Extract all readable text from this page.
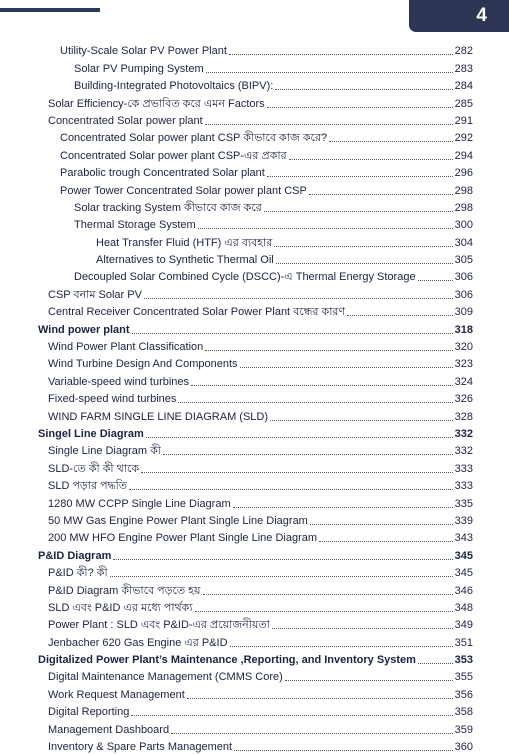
4
Utility-Scale Solar PV Power Plant	282
Solar PV Pumping System	283
Building-Integrated Photovoltaics (BIPV):	284
Solar Efficiency-কে প্রভাবিত করে এমন Factors	285
Concentrated Solar power plant	291
Concentrated Solar power plant CSP কীভাবে কাজ করে?	292
Concentrated Solar power plant CSP-এর প্রকার	294
Parabolic trough Concentrated Solar plant	296
Power Tower Concentrated Solar power plant CSP	298
Solar tracking System কীভাবে কাজ করে	298
Thermal Storage System	300
Heat Transfer Fluid (HTF) এর ব্যবহার	304
Alternatives to Synthetic Thermal Oil	305
Decoupled Solar Combined Cycle (DSCC)-এ Thermal Energy Storage	306
CSP বনাম Solar PV	306
Central Receiver Concentrated Solar Power Plant বন্ধের কারণ	309
Wind power plant	318
Wind Power Plant Classification	320
Wind Turbine Design And Components	323
Variable-speed wind turbines	324
Fixed-speed wind turbines	326
WIND FARM SINGLE LINE DIAGRAM (SLD)	328
Singel Line Diagram	332
Single Line Diagram কী	332
SLD-তে কী কী থাকে	333
SLD পড়ার পদ্ধতি	333
1280 MW CCPP Single Line Diagram	335
50 MW Gas Engine Power Plant Single Line Diagram	339
200 MW HFO Engine Power Plant Single Line Diagram	343
P&ID Diagram	345
P&ID কী? কী	345
P&ID Diagram কীভাবে পড়তে হয়	346
SLD এবং P&ID এর মধ্যে পার্থক্য	348
Power Plant : SLD এবং P&ID-এর প্রয়োজনীয়তা	349
Jenbacher 620 Gas Engine এর P&ID	351
Digitalized Power Plant’s Maintenance ,Reporting, and Inventory System	353
Digital Maintenance Management (CMMS Core)	355
Work Request Management	356
Digital Reporting	358
Management Dashboard	359
Inventory & Spare Parts Management	360
